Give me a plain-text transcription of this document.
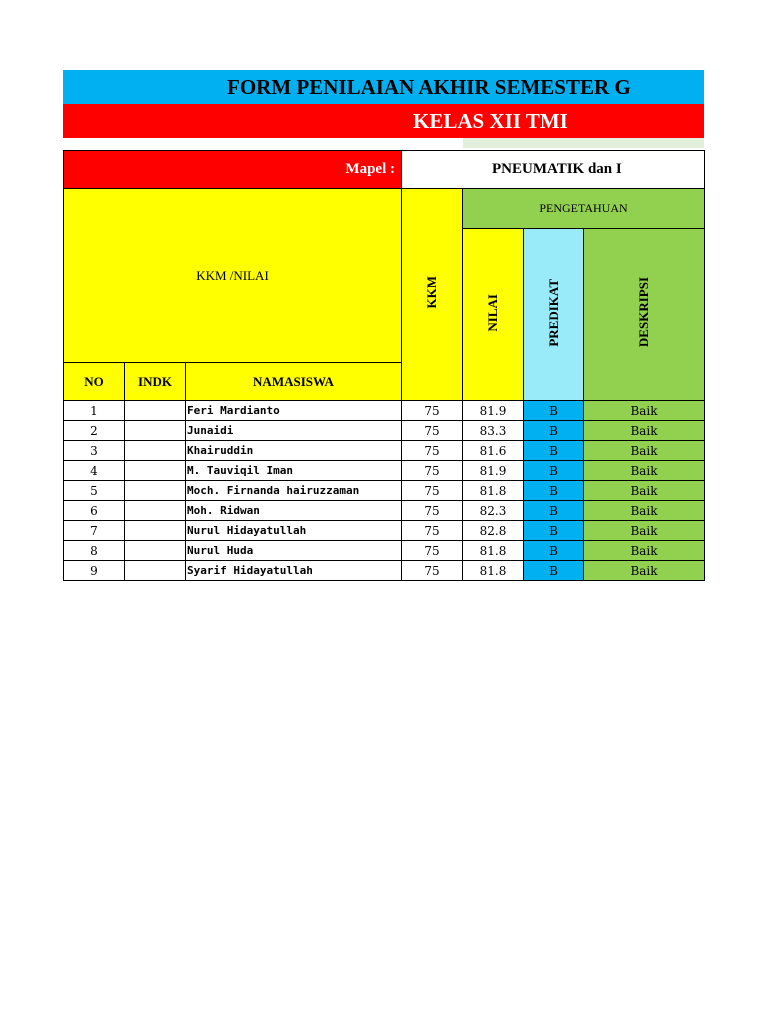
FORM PENILAIAN AKHIR SEMESTER G
KELAS XII TMI
Mapel :			PNEUMATIK dan I			
KKM /NILAI			KKM	PENGETAHUAN		
				NILAI	PREDIKAT	DESKRIPSI
NO	INDK	NAMASISWA				
1		Feri Mardianto	75	81.9	B	Baik
2		Junaidi	75	83.3	B	Baik
3		Khairuddin	75	81.6	B	Baik
4		M. Tauviqil Iman	75	81.9	B	Baik
5		Moch. Firnanda hairuzzaman	75	81.8	B	Baik
6		Moh. Ridwan	75	82.3	B	Baik
7		Nurul Hidayatullah	75	82.8	B	Baik
8		Nurul Huda	75	81.8	B	Baik
9		Syarif Hidayatullah	75	81.8	B	Baik
